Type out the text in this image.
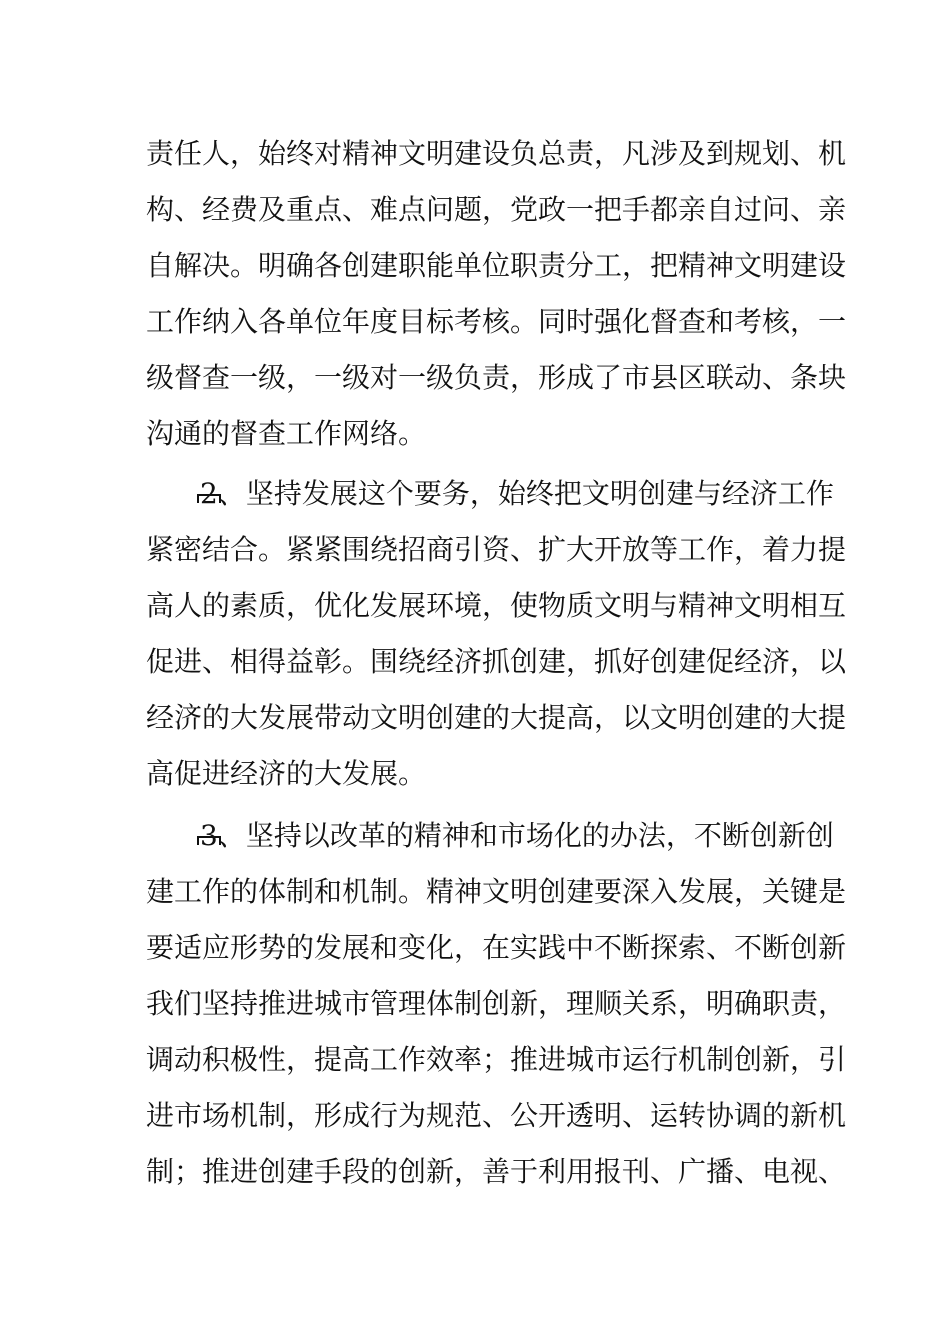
责任人，始终对精神文明建设负总责，凡涉及到规划、机
构、经费及重点、难点问题，党政一把手都亲自过问、亲
自解决。明确各创建职能单位职责分工，把精神文明建设
工作纳入各单位年度目标考核。同时强化督查和考核，一
级督查一级，一级对一级负责，形成了市县区联动、条块
沟通的督查工作网络。
2、坚持发展这个要务，始终把文明创建与经济工作
紧密结合。紧紧围绕招商引资、扩大开放等工作，着力提
高人的素质，优化发展环境，使物质文明与精神文明相互
促进、相得益彰。围绕经济抓创建，抓好创建促经济，以
经济的大发展带动文明创建的大提高，以文明创建的大提
高促进经济的大发展。
3、坚持以改革的精神和市场化的办法，不断创新创
建工作的体制和机制。精神文明创建要深入发展，关键是
要适应形势的发展和变化，在实践中不断探索、不断创新
我们坚持推进城市管理体制创新，理顺关系，明确职责，
调动积极性，提高工作效率；推进城市运行机制创新，引
进市场机制，形成行为规范、公开透明、运转协调的新机
制；推进创建手段的创新，善于利用报刊、广播、电视、
